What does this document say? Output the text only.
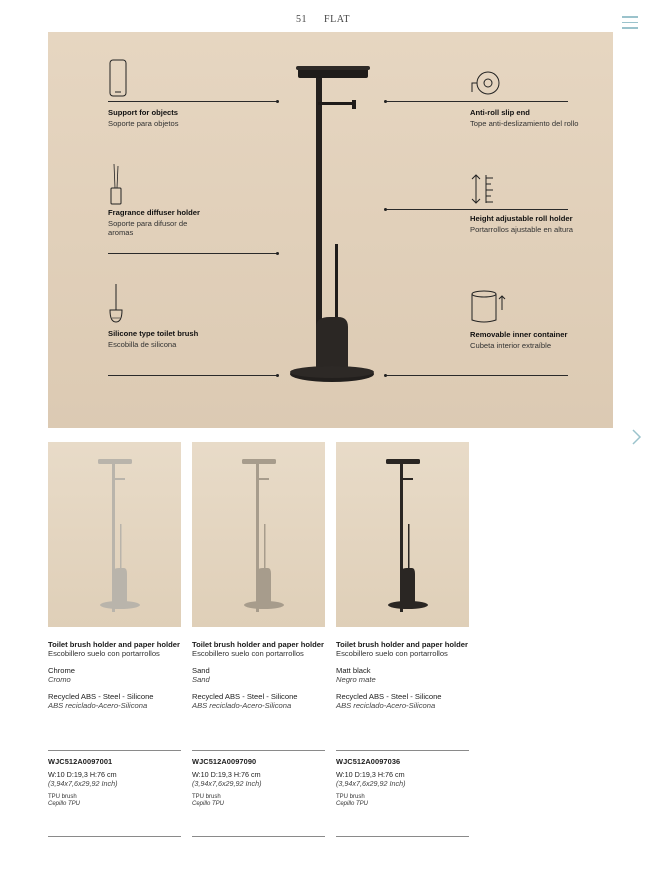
51 FLAT
Support for objects
Soporte para objetos
Fragrance diffuser holder
Soporte para difusor de aromas
Silicone type toilet brush
Escobilla de silicona
Anti-roll slip end
Tope anti-deslizamiento del rollo
Height adjustable roll holder
Portarrollos ajustable en altura
Removable inner container
Cubeta interior extraíble
Toilet brush holder and paper holder
Escobillero suelo con portarrollos
Chrome
Cromo
Recycled ABS - Steel - Silicone
ABS reciclado-Acero-Silicona
Toilet brush holder and paper holder
Escobillero suelo con portarrollos
Sand
Sand
Recycled ABS - Steel - Silicone
ABS reciclado-Acero-Silicona
Toilet brush holder and paper holder
Escobillero suelo con portarrollos
Matt black
Negro mate
Recycled ABS - Steel - Silicone
ABS reciclado-Acero-Silicona
WJC512A0097001	WJC512A0097090	WJC512A0097036
W:10 D:19,3 H:76 cm
(3,94x7,6x29,92 Inch)
W:10 D:19,3 H:76 cm
(3,94x7,6x29,92 Inch)
W:10 D:19,3 H:76 cm
(3,94x7,6x29,92 Inch)
TPU brush
Cepillo TPU
TPU brush
Cepillo TPU
TPU brush
Cepillo TPU
